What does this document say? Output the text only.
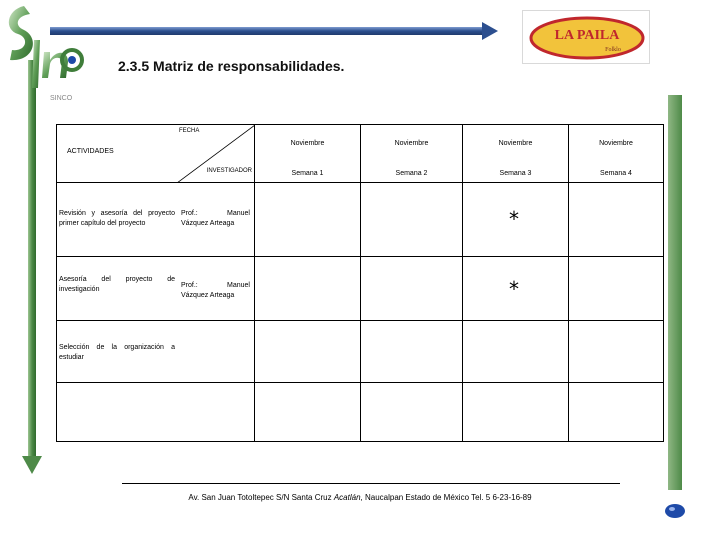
SINCO
LA PAILA
Folklo
2.3.5 Matriz de responsabilidades.
ACTIVIDADES
FECHA
INVESTIGADOR
Noviembre
Semana 1
Noviembre
Semana 2
Noviembre
Semana 3
Noviembre
Semana 4
Revisión y asesoría del proyecto primer capítulo del proyecto
Prof.: Manuel Vázquez Arteaga	*
Asesoría del proyecto de investigación
Prof.: Manuel Vázquez Arteaga	*
Selección de la organización a estudiar
Av. San Juan Totoltepec S/N Santa Cruz Acatlán, Naucalpan Estado de México Tel. 5 6-23-16-89
